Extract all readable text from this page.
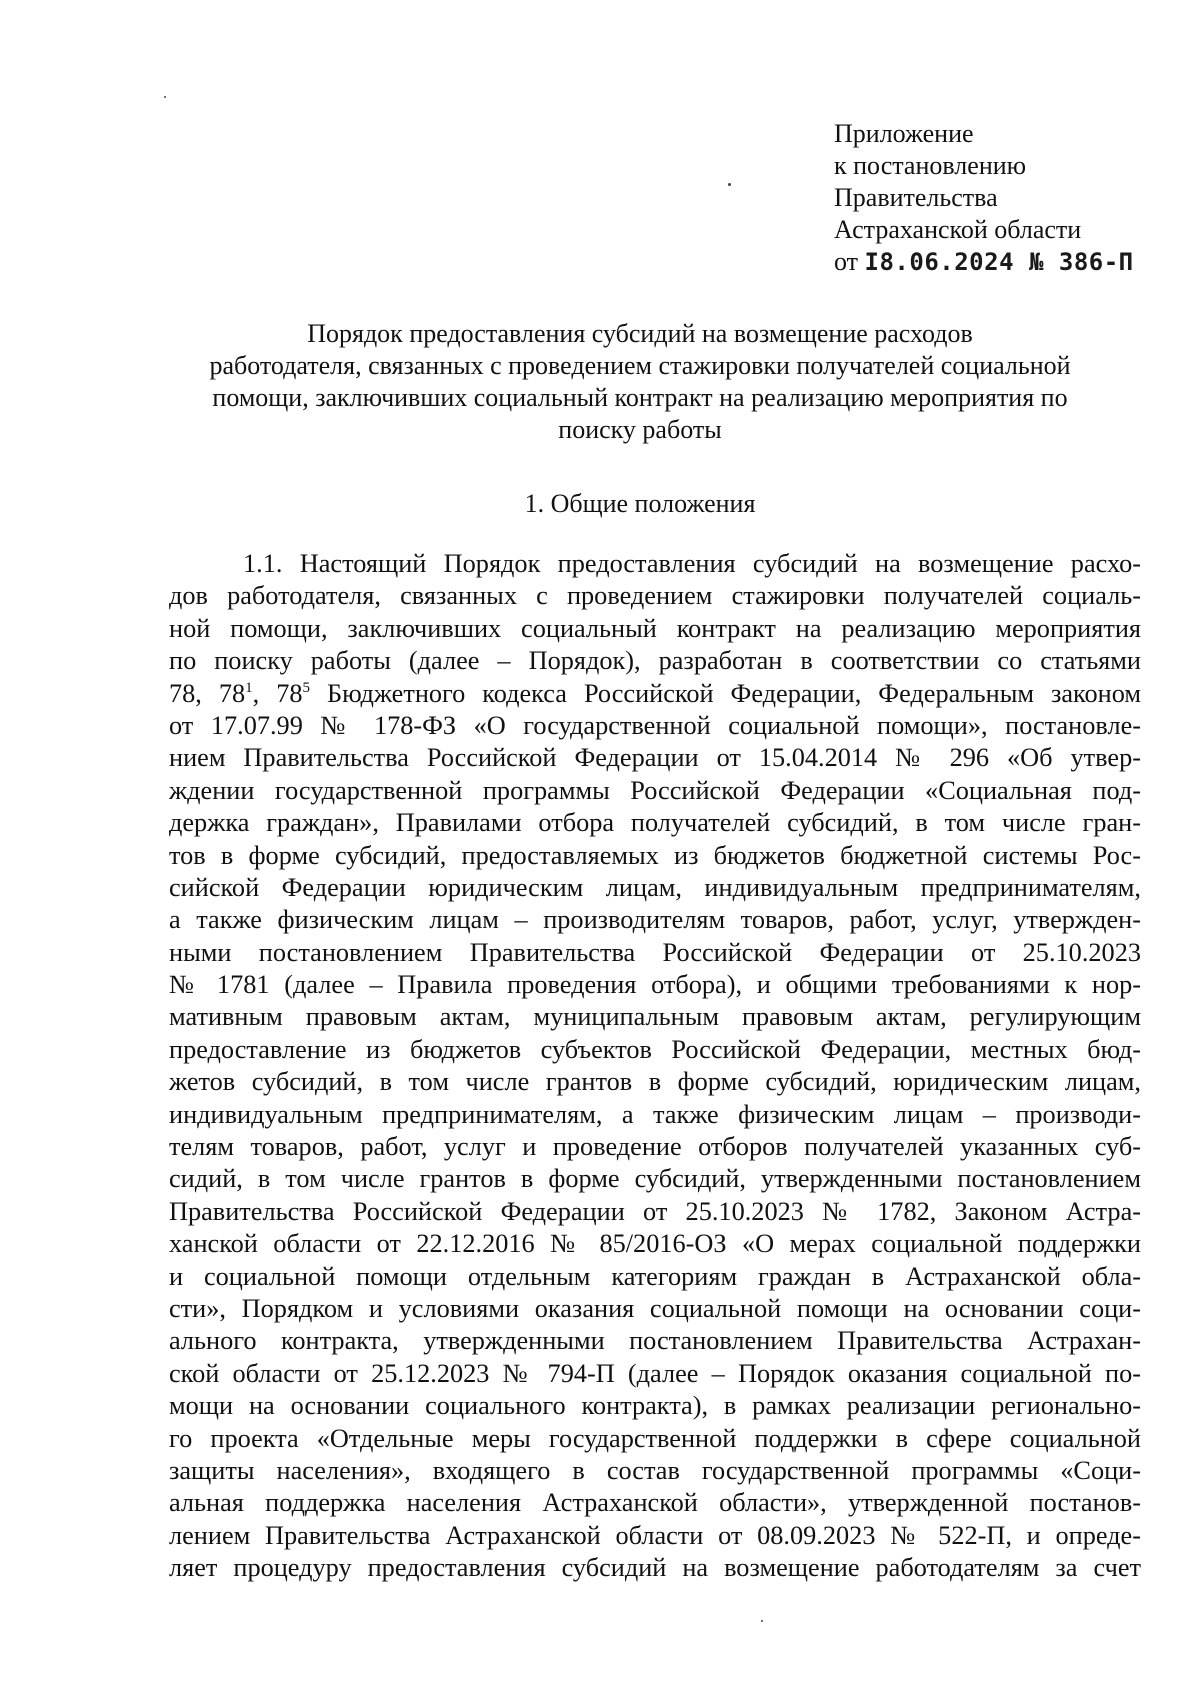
Приложение
к постановлению
Правительства
Астраханской области
от I8.06.2024 № 386-П
Порядок предоставления субсидий на возмещение расходов
работодателя, связанных с проведением стажировки получателей социальной
помощи, заключивших социальный контракт на реализацию мероприятия по
поиску работы
1. Общие положения
1.1. Настоящий Порядок предоставления субсидий на возмещение расхо-
дов работодателя, связанных с проведением стажировки получателей социаль-
ной помощи, заключивших социальный контракт на реализацию мероприятия
по поиску работы (далее – Порядок), разработан в соответствии со статьями
78, $78^1$, $78^5$ Бюджетного кодекса Российской Федерации, Федеральным законом
от 17.07.99 № 178-ФЗ «О государственной социальной помощи», постановле-
нием Правительства Российской Федерации от 15.04.2014 № 296 «Об утвер-
ждении государственной программы Российской Федерации «Социальная под-
держка граждан», Правилами отбора получателей субсидий, в том числе гран-
тов в форме субсидий, предоставляемых из бюджетов бюджетной системы Рос-
сийской Федерации юридическим лицам, индивидуальным предпринимателям,
а также физическим лицам – производителям товаров, работ, услуг, утвержден-
ными постановлением Правительства Российской Федерации от 25.10.2023
№ 1781 (далее – Правила проведения отбора), и общими требованиями к нор-
мативным правовым актам, муниципальным правовым актам, регулирующим
предоставление из бюджетов субъектов Российской Федерации, местных бюд-
жетов субсидий, в том числе грантов в форме субсидий, юридическим лицам,
индивидуальным предпринимателям, а также физическим лицам – производи-
телям товаров, работ, услуг и проведение отборов получателей указанных суб-
сидий, в том числе грантов в форме субсидий, утвержденными постановлением
Правительства Российской Федерации от 25.10.2023 № 1782, Законом Астра-
ханской области от 22.12.2016 № 85/2016-ОЗ «О мерах социальной поддержки
и социальной помощи отдельным категориям граждан в Астраханской обла-
сти», Порядком и условиями оказания социальной помощи на основании соци-
ального контракта, утвержденными постановлением Правительства Астрахан-
ской области от 25.12.2023 № 794-П (далее – Порядок оказания социальной по-
мощи на основании социального контракта), в рамках реализации регионально-
го проекта «Отдельные меры государственной поддержки в сфере социальной
защиты населения», входящего в состав государственной программы «Соци-
альная поддержка населения Астраханской области», утвержденной постанов-
лением Правительства Астраханской области от 08.09.2023 № 522-П, и опреде-
ляет процедуру предоставления субсидий на возмещение работодателям за счет
